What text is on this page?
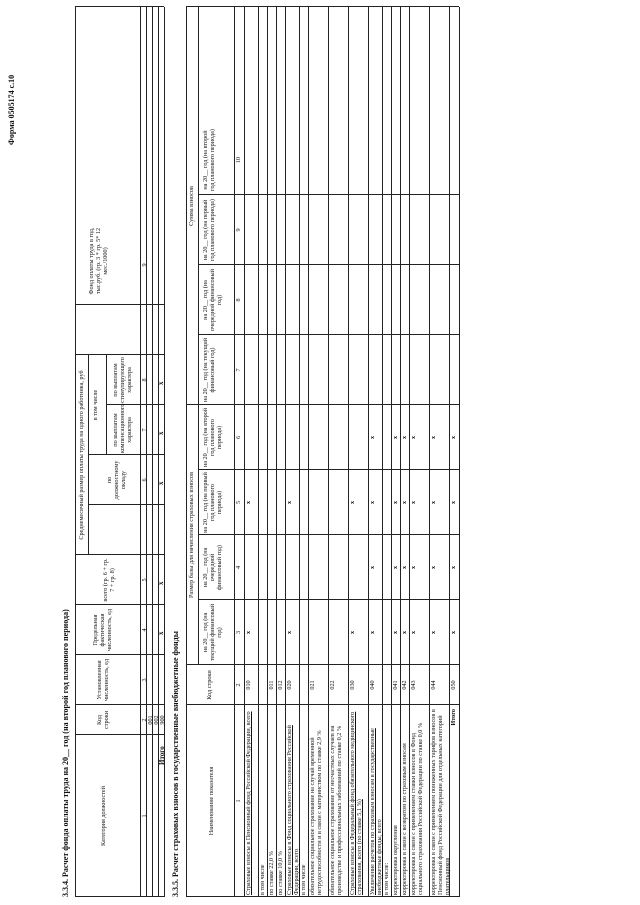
Форма 0505174 с.10
3.3.4. Расчет фонда оплаты труда на 20__ год (на второй год планового периода)	Категория должностей
Код строки
Установленная численность, ед
Предельная фактическая численность, ед
Среднемесячный размер оплаты труда на одного работника, руб
всего (гр. 6 + гр. 7 + гр. 8)
по должностному окладу
в том числе
по выплатам компенсационного характера
по выплатам стимулирующего характера
Фонд оплаты труда в год, тыс.руб. (гр. 3 * гр. 5* 12 мес./1000)
1
2
3
4
5
6
7
8
9
001 002
Итого
900
x
x
x
x
x
3.3.5. Расчет страховых взносов в государственные внебюджетные фонды	Наименование показателя
Код строки
Размер базы для начисления страховых взносов
Сумма взносов
на 20__ год (на текущий финансовый год)
на 20__ год (на очередной финансовый год)
на 20__ год (на первый год планового периода)
на 20__ год (на второй год планового периода)
на 20__ год (на текущий финансовый год)
на 20__ год (на очередной финансовый год)
на 20__ год (на первый год планового периода)
на 20__ год (на второй год планового периода)
1
2
3
4
5
6
7
8
9
10
Страховые взносы в Пенсионный фонд Российской Федерации, всего
010
x
x
в том числе по ставке 22,0 %
011
по ставке 10,0 %
012
Страховые взносы в Фонд социального страхования Российской Федерации, всего
020
x
x
в том числе обязательное социальное страхование на случай временной нетрудоспособности и в связи с материнством по ставке 2,9 %
021
обязательное социальное страхование от несчастных случаев на производстве и профессиональных заболеваний по ставке 0,2 %
022
Страховые взносы в Федеральный фонд обязательного медицинского страхования, всего (по ставке 5,1 %)
030
x
x
Увеличение расчетов по страховым взносам в государственные внебюджетные фонды, всего
040
x
x
x
x
в том числе: корректировка округления
041
x
x
x
x
корректировка в связи с возвратом по страховым взносам
042
x
x
x
x
корректировка в связи с применением ставки взносов в Фонд социального страхования Российской Федерации по ставке 0,0 %
043
x
x
x
x
корректировка в связи с применением пониженных тарифов взносов в Пенсионный фонд Российской Федерации для отдельных категорий плательщиков
044
x
x
x
x
Итого
050
x
x
x
x
